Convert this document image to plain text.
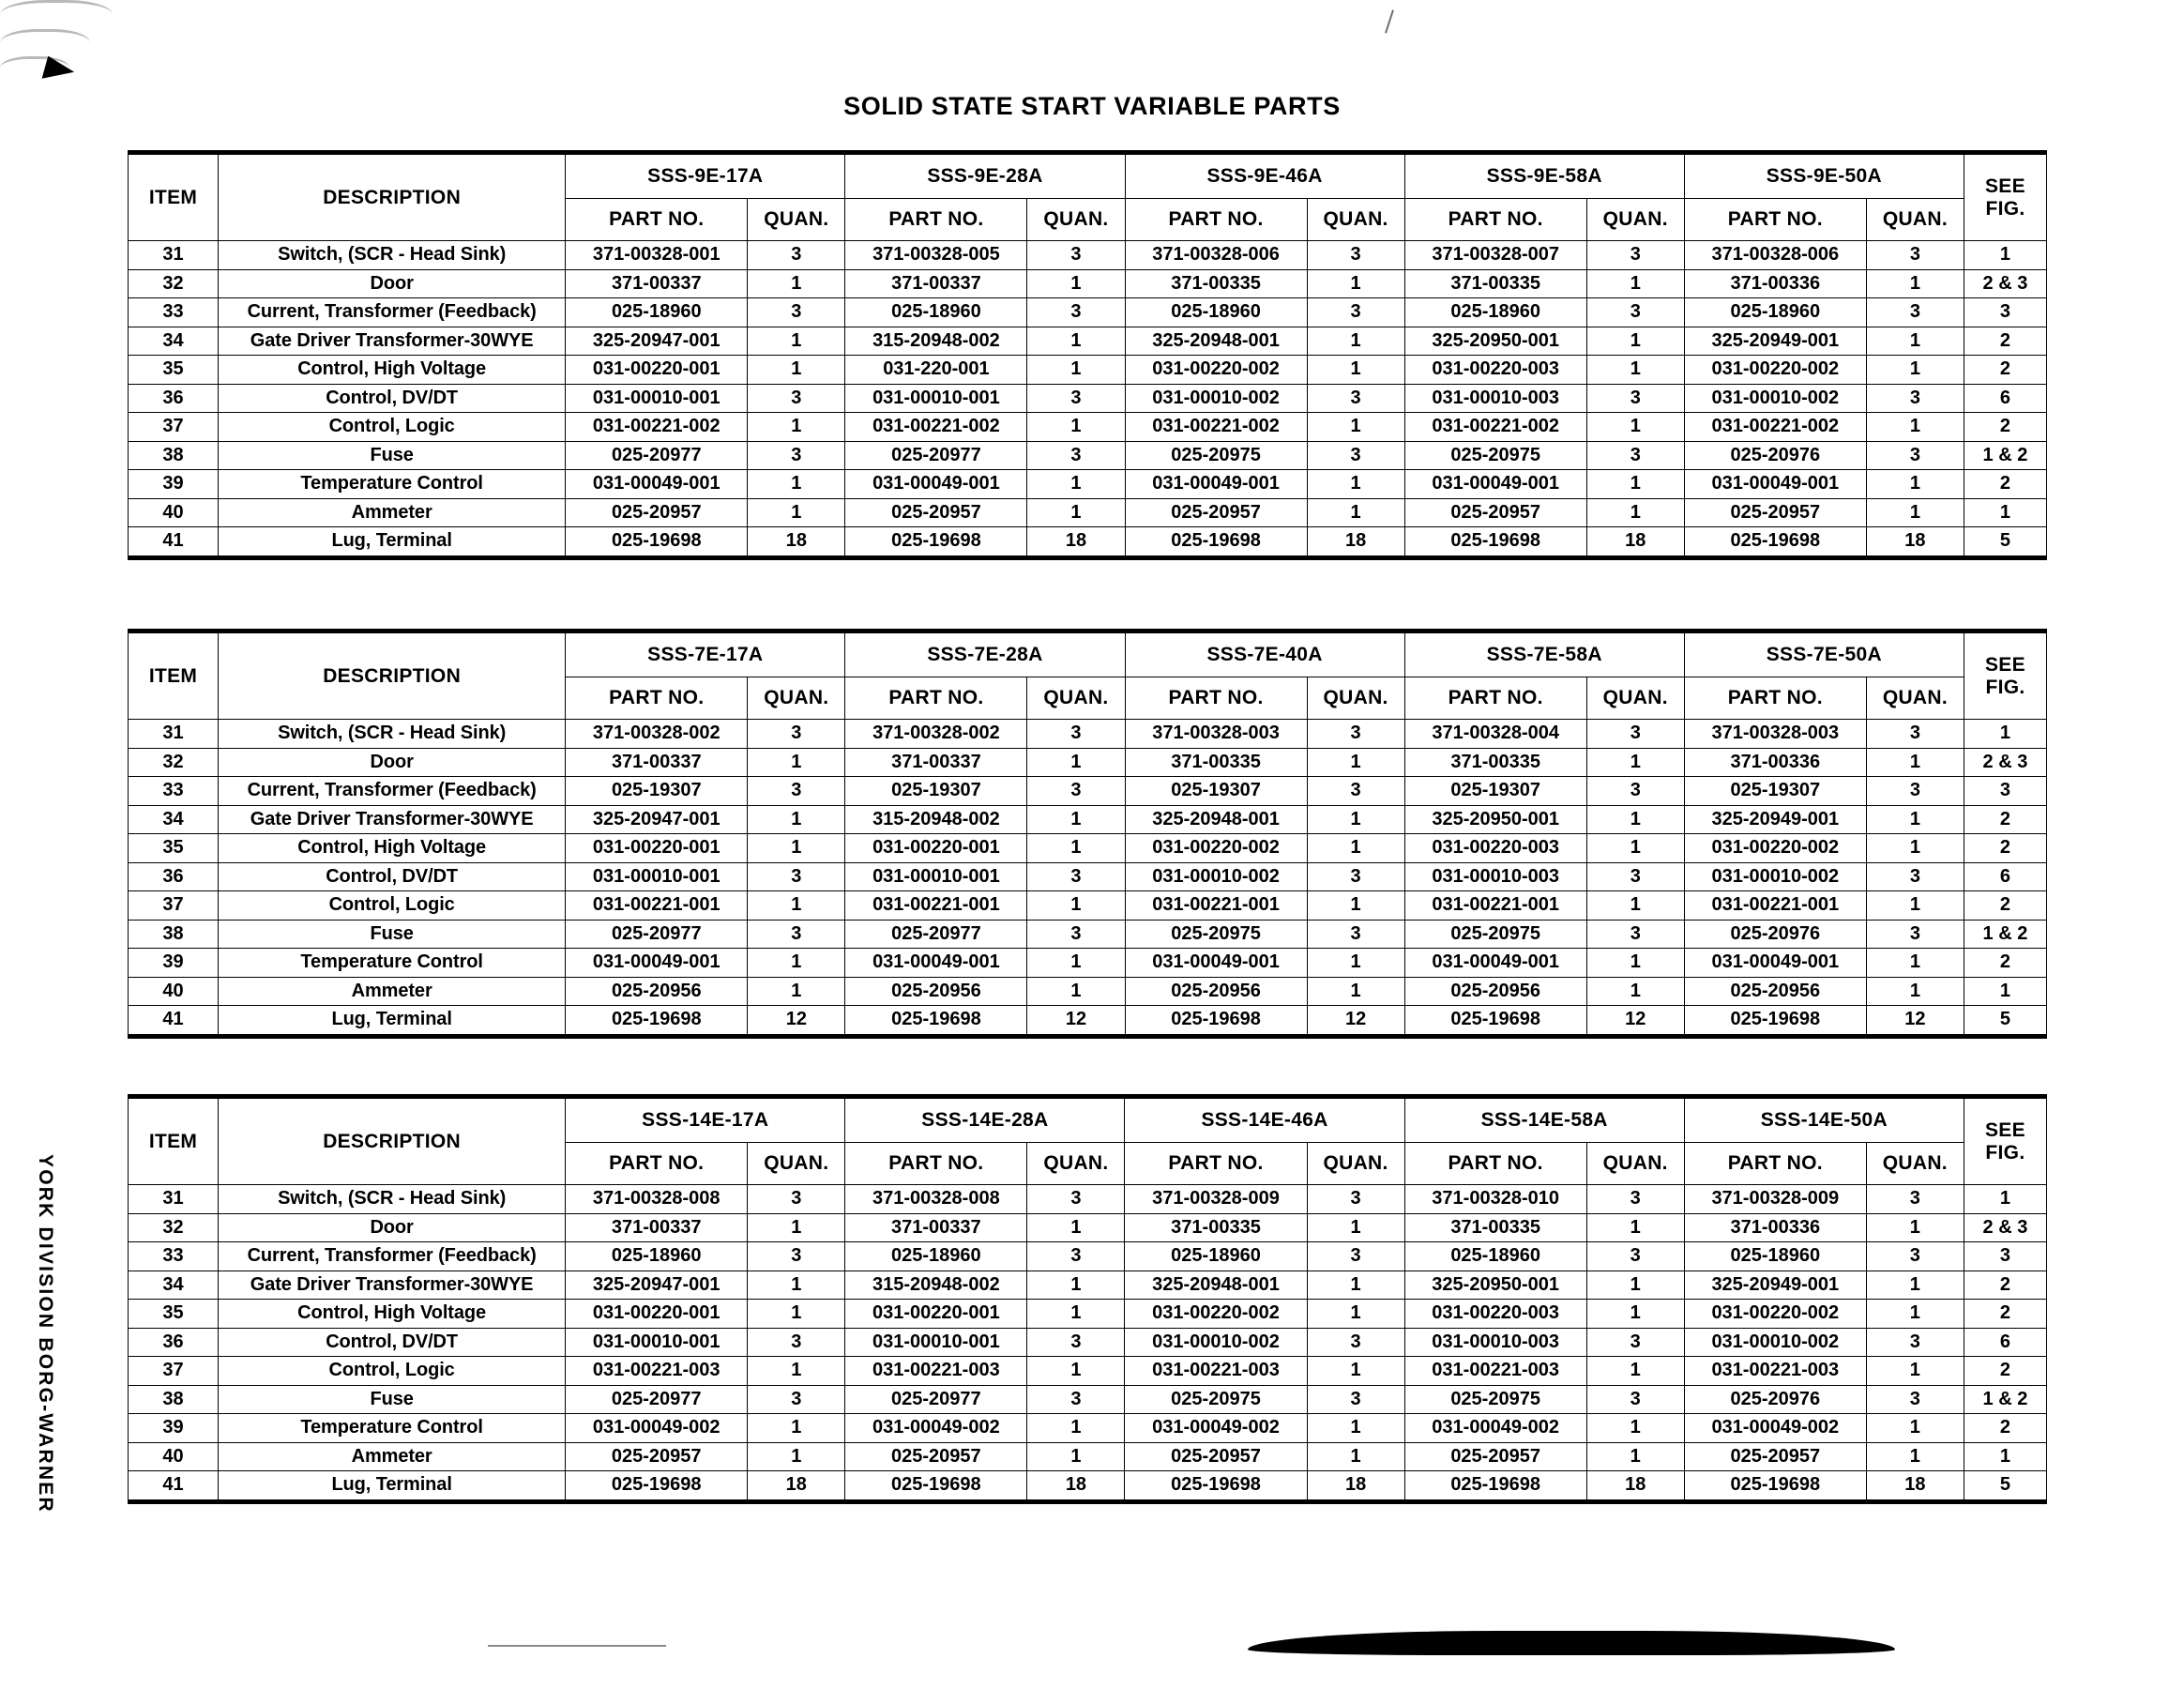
▶
SOLID STATE START VARIABLE PARTS
YORK DIVISION BORG-WARNER
ITEM	DESCRIPTION	SSS-9E-17A		SSS-9E-28A		SSS-9E-46A		SSS-9E-58A		SSS-9E-50A		SEE
FIG.

		PART NO.	QUAN.	PART NO.	QUAN.	PART NO.	QUAN.	PART NO.	QUAN.	PART NO.	QUAN.	
31	Switch, (SCR - Head Sink)	371-00328-001	3	371-00328-005	3	371-00328-006	3	371-00328-007	3	371-00328-006	3	1
32	Door	371-00337	1	371-00337	1	371-00335	1	371-00335	1	371-00336	1	2 & 3
33	Current, Transformer (Feedback)	025-18960	3	025-18960	3	025-18960	3	025-18960	3	025-18960	3	3
34	Gate Driver Transformer-30WYE	325-20947-001	1	315-20948-002	1	325-20948-001	1	325-20950-001	1	325-20949-001	1	2
35	Control, High Voltage	031-00220-001	1	031-220-001	1	031-00220-002	1	031-00220-003	1	031-00220-002	1	2
36	Control, DV/DT	031-00010-001	3	031-00010-001	3	031-00010-002	3	031-00010-003	3	031-00010-002	3	6
37	Control, Logic	031-00221-002	1	031-00221-002	1	031-00221-002	1	031-00221-002	1	031-00221-002	1	2
38	Fuse	025-20977	3	025-20977	3	025-20975	3	025-20975	3	025-20976	3	1 & 2
39	Temperature Control	031-00049-001	1	031-00049-001	1	031-00049-001	1	031-00049-001	1	031-00049-001	1	2
40	Ammeter	025-20957	1	025-20957	1	025-20957	1	025-20957	1	025-20957	1	1
41	Lug, Terminal	025-19698	18	025-19698	18	025-19698	18	025-19698	18	025-19698	18	5
ITEM	DESCRIPTION	SSS-7E-17A		SSS-7E-28A		SSS-7E-40A		SSS-7E-58A		SSS-7E-50A		SEE
FIG.

		PART NO.	QUAN.	PART NO.	QUAN.	PART NO.	QUAN.	PART NO.	QUAN.	PART NO.	QUAN.	
31	Switch, (SCR - Head Sink)	371-00328-002	3	371-00328-002	3	371-00328-003	3	371-00328-004	3	371-00328-003	3	1
32	Door	371-00337	1	371-00337	1	371-00335	1	371-00335	1	371-00336	1	2 & 3
33	Current, Transformer (Feedback)	025-19307	3	025-19307	3	025-19307	3	025-19307	3	025-19307	3	3
34	Gate Driver Transformer-30WYE	325-20947-001	1	315-20948-002	1	325-20948-001	1	325-20950-001	1	325-20949-001	1	2
35	Control, High Voltage	031-00220-001	1	031-00220-001	1	031-00220-002	1	031-00220-003	1	031-00220-002	1	2
36	Control, DV/DT	031-00010-001	3	031-00010-001	3	031-00010-002	3	031-00010-003	3	031-00010-002	3	6
37	Control, Logic	031-00221-001	1	031-00221-001	1	031-00221-001	1	031-00221-001	1	031-00221-001	1	2
38	Fuse	025-20977	3	025-20977	3	025-20975	3	025-20975	3	025-20976	3	1 & 2
39	Temperature Control	031-00049-001	1	031-00049-001	1	031-00049-001	1	031-00049-001	1	031-00049-001	1	2
40	Ammeter	025-20956	1	025-20956	1	025-20956	1	025-20956	1	025-20956	1	1
41	Lug, Terminal	025-19698	12	025-19698	12	025-19698	12	025-19698	12	025-19698	12	5
ITEM	DESCRIPTION	SSS-14E-17A		SSS-14E-28A		SSS-14E-46A		SSS-14E-58A		SSS-14E-50A		SEE
FIG.

		PART NO.	QUAN.	PART NO.	QUAN.	PART NO.	QUAN.	PART NO.	QUAN.	PART NO.	QUAN.	
31	Switch, (SCR - Head Sink)	371-00328-008	3	371-00328-008	3	371-00328-009	3	371-00328-010	3	371-00328-009	3	1
32	Door	371-00337	1	371-00337	1	371-00335	1	371-00335	1	371-00336	1	2 & 3
33	Current, Transformer (Feedback)	025-18960	3	025-18960	3	025-18960	3	025-18960	3	025-18960	3	3
34	Gate Driver Transformer-30WYE	325-20947-001	1	315-20948-002	1	325-20948-001	1	325-20950-001	1	325-20949-001	1	2
35	Control, High Voltage	031-00220-001	1	031-00220-001	1	031-00220-002	1	031-00220-003	1	031-00220-002	1	2
36	Control, DV/DT	031-00010-001	3	031-00010-001	3	031-00010-002	3	031-00010-003	3	031-00010-002	3	6
37	Control, Logic	031-00221-003	1	031-00221-003	1	031-00221-003	1	031-00221-003	1	031-00221-003	1	2
38	Fuse	025-20977	3	025-20977	3	025-20975	3	025-20975	3	025-20976	3	1 & 2
39	Temperature Control	031-00049-002	1	031-00049-002	1	031-00049-002	1	031-00049-002	1	031-00049-002	1	2
40	Ammeter	025-20957	1	025-20957	1	025-20957	1	025-20957	1	025-20957	1	1
41	Lug, Terminal	025-19698	18	025-19698	18	025-19698	18	025-19698	18	025-19698	18	5
